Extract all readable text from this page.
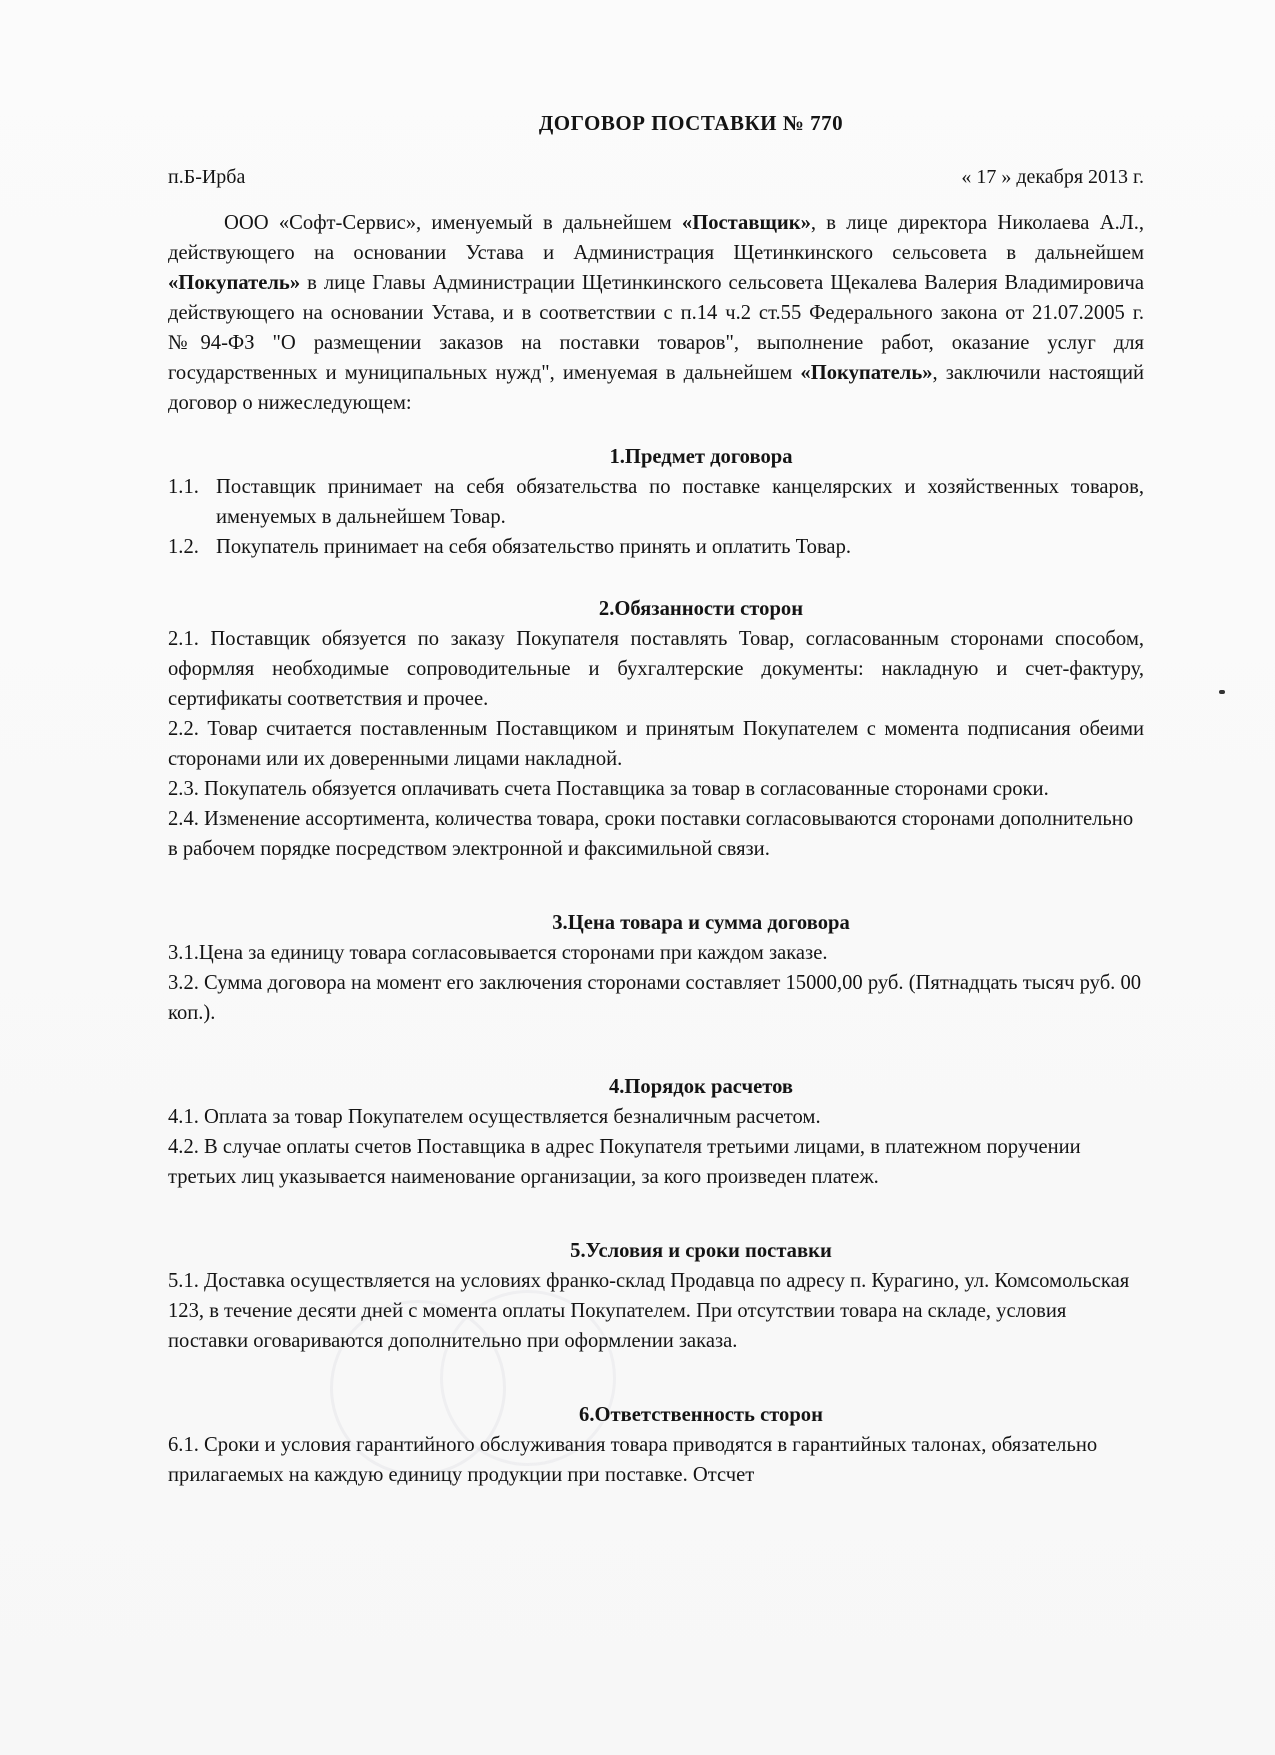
ДОГОВОР ПОСТАВКИ № 770
п.Б-Ирба	« 17 » декабря 2013 г.

ООО «Софт-Сервис», именуемый в дальнейшем «Поставщик», в лице директора Николаева А.Л., действующего на основании Устава и Администрация Щетинкинского сельсовета в дальнейшем «Покупатель» в лице Главы Администрации Щетинкинского сельсовета Щекалева Валерия Владимировича действующего на основании Устава, и в соответствии с п.14 ч.2 ст.55 Федерального закона от 21.07.2005 г. №94-ФЗ "О размещении заказов на поставки товаров", выполнение работ, оказание услуг для государственных и муниципальных нужд", именуемая в дальнейшем «Покупатель», заключили настоящий договор о нижеследующем:

1.Предмет договора
1.1. Поставщик принимает на себя обязательства по поставке канцелярских и хозяйственных товаров, именуемых в дальнейшем Товар.
1.2. Покупатель принимает на себя обязательство принять и оплатить Товар.
2.Обязанности сторон

2.1. Поставщик обязуется по заказу Покупателя поставлять Товар, согласованным сторонами способом, оформляя необходимые сопроводительные и бухгалтерские документы: накладную и счет-фактуру, сертификаты соответствия и прочее.

2.2. Товар считается поставленным Поставщиком и принятым Покупателем с момента подписания обеими сторонами или их доверенными лицами накладной.

2.3. Покупатель обязуется оплачивать счета Поставщика за товар в согласованные сторонами сроки.

2.4. Изменение ассортимента, количества товара, сроки поставки согласовываются сторонами дополнительно в рабочем порядке посредством электронной и факсимильной связи.

3.Цена товара и сумма договора

3.1.Цена за единицу товара согласовывается сторонами при каждом заказе.

3.2. Сумма договора на момент его заключения сторонами составляет 15000,00 руб. (Пятнадцать тысяч руб. 00 коп.).

4.Порядок расчетов

4.1. Оплата за товар Покупателем осуществляется безналичным расчетом.

4.2. В случае оплаты счетов Поставщика в адрес Покупателя третьими лицами, в платежном поручении третьих лиц указывается наименование организации, за кого произведен платеж.

5.Условия и сроки поставки

5.1. Доставка осуществляется на условиях франко-склад Продавца по адресу п. Курагино, ул. Комсомольская 123, в течение десяти дней с момента оплаты Покупателем. При отсутствии товара на складе, условия поставки оговариваются дополнительно при оформлении заказа.

6.Ответственность сторон

6.1. Сроки и условия гарантийного обслуживания товара приводятся в гарантийных талонах, обязательно прилагаемых на каждую единицу продукции при поставке. Отсчет
